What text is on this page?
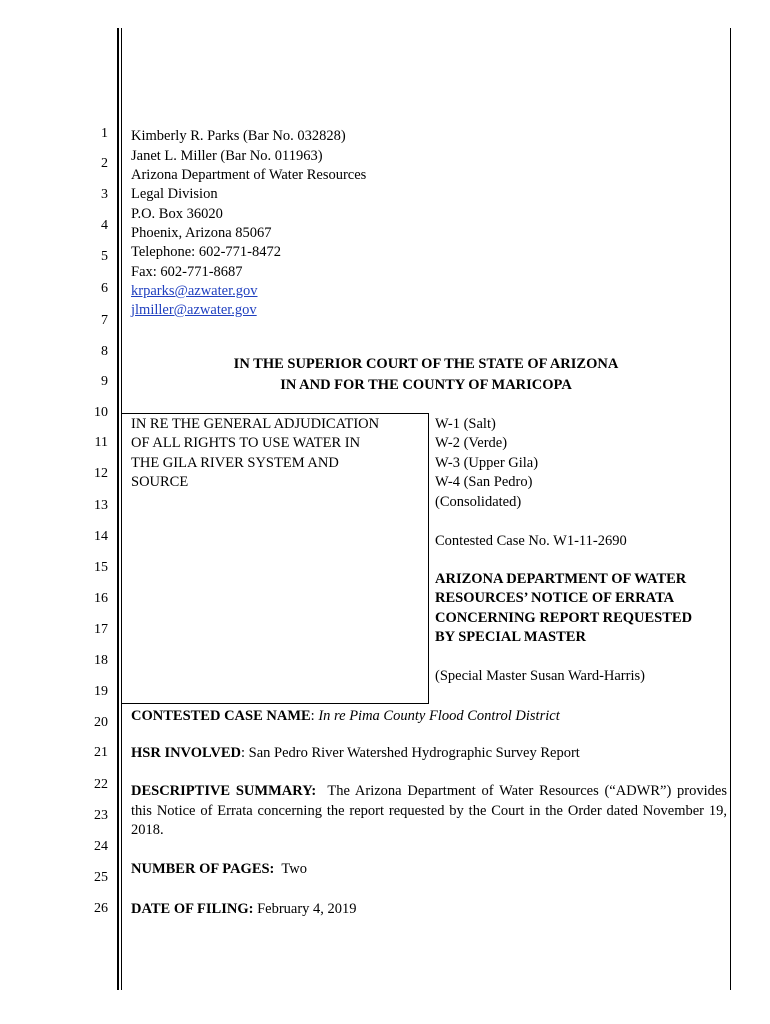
1
2
3
4
5
6
7
8
9
10
11
12
13
14
15
16
17
18
19
20
21
22
23
24
25
26
Kimberly R. Parks (Bar No. 032828)
Janet L. Miller (Bar No. 011963)
Arizona Department of Water Resources
Legal Division
P.O. Box 36020
Phoenix, Arizona 85067
Telephone: 602-771-8472
Fax: 602-771-8687
krparks@azwater.gov
jlmiller@azwater.gov
IN THE SUPERIOR COURT OF THE STATE OF ARIZONA
IN AND FOR THE COUNTY OF MARICOPA
IN RE THE GENERAL ADJUDICATION
OF ALL RIGHTS TO USE WATER IN
THE GILA RIVER SYSTEM AND
SOURCE
W-1 (Salt)
W-2 (Verde)
W-3 (Upper Gila)
W-4 (San Pedro)
(Consolidated)
Contested Case No. W1-11-2690
ARIZONA DEPARTMENT OF WATER
RESOURCES’ NOTICE OF ERRATA
CONCERNING REPORT REQUESTED
BY SPECIAL MASTER
(Special Master Susan Ward-Harris)
CONTESTED CASE NAME: In re Pima County Flood Control District
HSR INVOLVED: San Pedro River Watershed Hydrographic Survey Report
DESCRIPTIVE SUMMARY: The Arizona Department of Water Resources (“ADWR”) provides this Notice of Errata concerning the report requested by the Court in the Order dated November 19, 2018.
NUMBER OF PAGES: Two
DATE OF FILING: February 4, 2019
